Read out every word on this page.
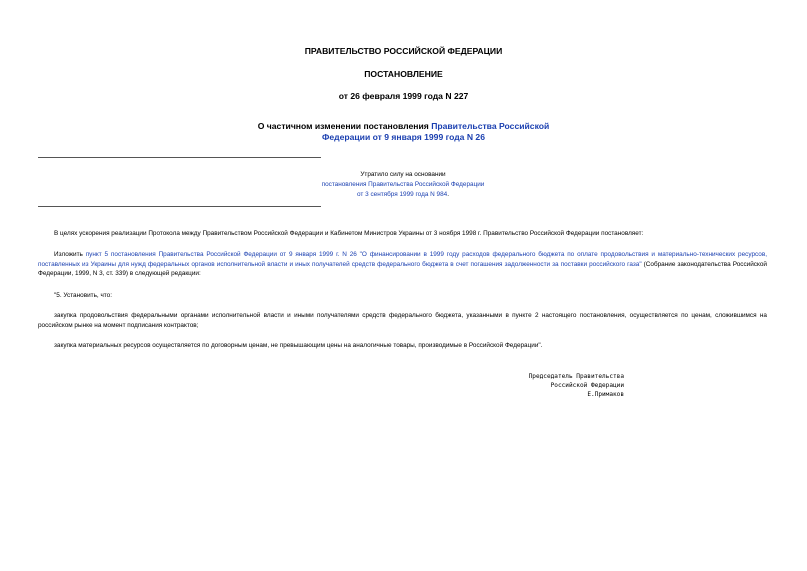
ПРАВИТЕЛЬСТВО РОССИЙСКОЙ ФЕДЕРАЦИИ
ПОСТАНОВЛЕНИЕ
от 26 февраля 1999 года N 227
О частичном изменении постановления Правительства Российской
Федерации от 9 января 1999 года N 26
Утратило силу на основании
постановления Правительства Российской Федерации
от 3 сентября 1999 года N 984.
В целях ускорения реализации Протокола между Правительством Российской Федерации и Кабинетом Министров Украины от 3 ноября 1998 г. Правительство Российской Федерации постановляет:
Изложить пункт 5 постановления Правительства Российской Федерации от 9 января 1999 г. N 26 "О финансировании в 1999 году расходов федерального бюджета по оплате продовольствия и материально-технических ресурсов, поставленных из Украины для нужд федеральных органов исполнительной власти и иных получателей средств федерального бюджета в счет погашения задолженности за поставки российского газа" (Собрание законодательства Российской Федерации, 1999, N 3, ст. 339) в следующей редакции:
"5. Установить, что:
закупка продовольствия федеральными органами исполнительной власти и иными получателями средств федерального бюджета, указанными в пункте 2 настоящего постановления, осуществляется по ценам, сложившимся на российском рынке на момент подписания контрактов;
закупка материальных ресурсов осуществляется по договорным ценам, не превышающим цены на аналогичные товары, производимые в Российской Федерации".
Председатель Правительства
Российской Федерации
Е.Примаков
